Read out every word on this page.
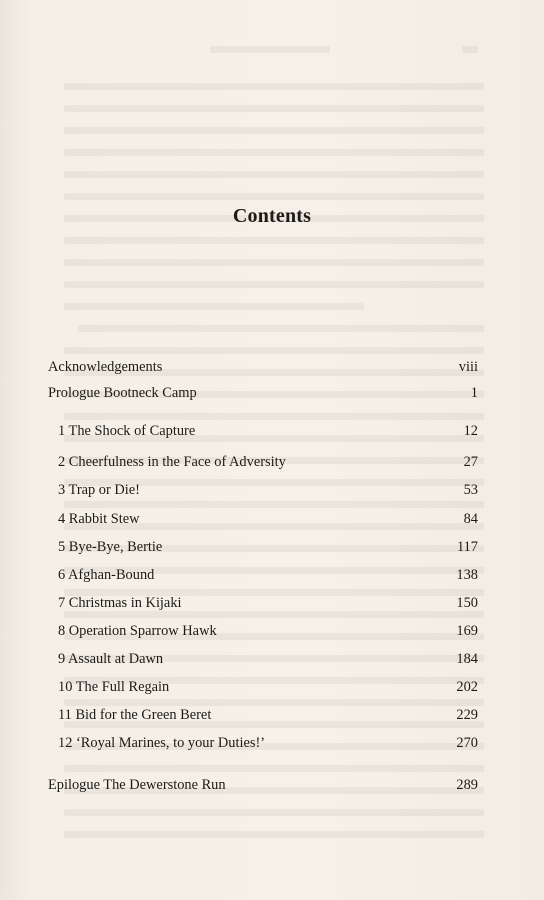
Contents
Acknowledgements	viii
Prologue Bootneck Camp	1
1 The Shock of Capture	12
2 Cheerfulness in the Face of Adversity	27
3 Trap or Die!	53
4 Rabbit Stew	84
5 Bye-Bye, Bertie	117
6 Afghan-Bound	138
7 Christmas in Kijaki	150
8 Operation Sparrow Hawk	169
9 Assault at Dawn	184
10 The Full Regain	202
11 Bid for the Green Beret	229
12 ‘Royal Marines, to your Duties!’	270
Epilogue The Dewerstone Run	289
